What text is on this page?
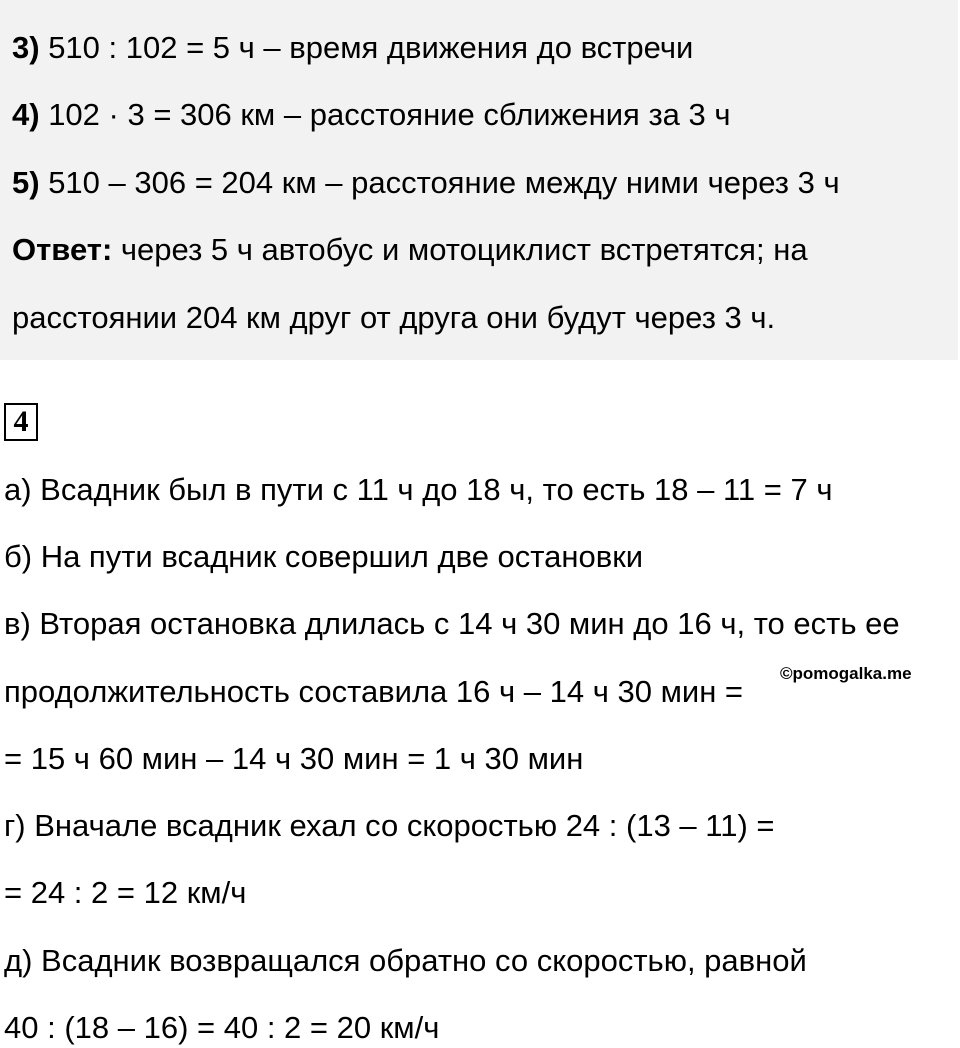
3) 510 : 102 = 5 ч – время движения до встречи
4) 102 · 3 = 306 км – расстояние сближения за 3 ч
5) 510 – 306 = 204 км – расстояние между ними через 3 ч
Ответ: через 5 ч автобус и мотоциклист встретятся; на
расстоянии 204 км друг от друга они будут через 3 ч.
4
а) Всадник был в пути с 11 ч до 18 ч, то есть 18 – 11 = 7 ч
б) На пути всадник совершил две остановки
в) Вторая остановка длилась с 14 ч 30 мин до 16 ч, то есть ее
продолжительность составила 16 ч – 14 ч 30 мин =
= 15 ч 60 мин – 14 ч 30 мин = 1 ч 30 мин
г) Вначале всадник ехал со скоростью 24 : (13 – 11) =
= 24 : 2 = 12 км/ч
д) Всадник возвращался обратно со скоростью, равной
40 : (18 – 16) = 40 : 2 = 20 км/ч
©pomogalka.me
